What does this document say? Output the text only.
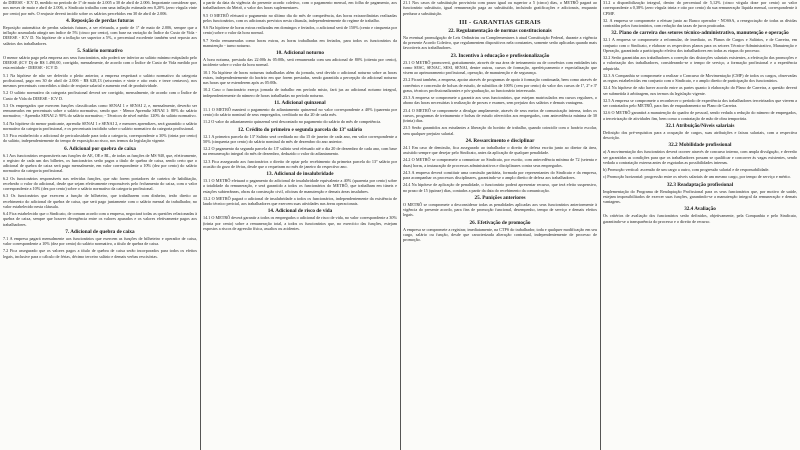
do DIEESE - ICV D, medido no período de 1º de maio de 2.005 a 30 de abril de 2.006. Importante considerar que, nos meses de maio e abril de 2.006, o Sindicato trabalha com uma inflação estimada em 0,20% (zero vírgula vinte por cento) por mês. O reajuste deverá incidir sobre os salários percebidos em 30 de abril de 2.006.

4. Reposição de perdas futuras

Reposição automática de perdas salariais futuras, a ser efetuada, a partir de 1º de maio de 2.006, sempre que a inflação acumulada atingir um índice de 5% (cinco por cento), com base na variação do Índice do Custo de Vida - DIEESE - ICV D. Na hipótese de a inflação ser superior a 5%, o percentual excedente também será reposto aos salários dos trabalhadores.

5. Salário normativo

O menor salário pago pela empresa aos seus funcionários, não poderá ser inferior ao salário mínimo estipulado pelo DIEESE (ICV D) de R$ 1.490,00, corrigido, mensalmente, de acordo com o Índice de Custo de Vida medido por esta entidade - DIEESE - ICV D.

5.1 Na hipótese de não ser deferido o pleito anterior, a empresa respeitará o salário normativo da categoria profissional, pago em 30 de abril de 2.006 - R$ 628,13 (seiscentos e vinte e oito reais e treze centavos), nos mesmos percentuais concedidos a título de reajuste salarial e aumento real de produtividade.

5.2 O salário normativo da categoria profissional deverá ser corrigido, mensalmente, de acordo com o Índice de Custo de Vida do DIEESE - ICV D.

5.3 Os empregados que exercem funções classificadas como SENAI 1 e SENAI 2, e, mensalmente, deverão ser remunerados em percentuais sobre o salário normativo, sendo que: - Menor Aprendiz SENAI 1: 80% do salário normativo; - Aprendiz SENAI 2: 90% do salário normativo; - Técnicos de nível médio: 120% do salário normativo.

5.4 Na hipótese do menor praticante, aprendiz SENAI 1 e SENAI 2, e menores aprendizes, será garantido o salário normativo da categoria profissional, e os percentuais incidirão sobre o salário normativo da categoria profissional.

5.5 Fica estabelecido o adicional de periculosidade para toda a categoria, correspondente a 30% (trinta por cento) do salário, independentemente do tempo de exposição ao risco, nos termos da legislação vigente.

6. Adicional por quebra de caixa

6.1 Aos funcionários responsáveis nas funções de AE, OE e BL, de todas as funções de MS 940, que, efetivamente, o registro de cada um dos bilhetes, os funcionários serão pagos a título de quebra de caixa, sendo certo que o adicional de quebra de caixa será pago mensalmente, em valor correspondente a 10% (dez por cento) do salário normativo da categoria profissional.

6.2 Os funcionários responsáveis nas referidas funções, que não forem portadores de carteira de habilitação, receberão o valor do adicional, desde que sejam efetivamente responsáveis pelo fechamento do caixa, com o valor correspondente a 10% (dez por cento) sobre o salário normativo da categoria profissional.

6.3 Os funcionários que exercem a função de bilheteiro, que trabalharem com dinheiro, terão direito ao recebimento do adicional de quebra de caixa, que será pago juntamente com o salário mensal do trabalhador, no valor estabelecido nesta cláusula.

6.4 Fica estabelecido que o Sindicato, de comum acordo com a empresa, negociará todas as questões relacionadas à quebra de caixa, sempre que houver divergência entre os valores apurados e os valores efetivamente pagos aos trabalhadores.

7. Adicional de quebra de caixa

7.1 A empresa pagará mensalmente aos funcionários que exercem as funções de bilheteiro e operador de caixa, valor correspondente a 10% (dez por cento) do salário normativo, a título de quebra de caixa.

7.2 Fica assegurado que os valores pagos a título de quebra de caixa serão incorporados para todos os efeitos legais, inclusive para o cálculo de férias, décimo terceiro salário e demais verbas rescisórias.

a partir da data da vigência do presente acordo coletivo, com o pagamento mensal, em folha de pagamento, aos trabalhadores do Metrô, o valor dos horas suplementares.

9.5 O METRÔ efetuará o pagamento no último dia do mês de competência, das horas extraordinárias realizadas pelos funcionários, com os adicionais previstos nesta cláusula, independentemente do regime de trabalho.

9.6 Na hipótese de horas extras realizadas em domingos e feriados, o adicional será de 150% (cento e cinquenta por cento) sobre o valor da hora normal.

9.7 Serão remuneradas como horas extras, as horas trabalhadas em feriados, para todos os funcionários da manutenção - turno noturno.

10. Adicional noturno

A hora noturna, prestada das 22:00h às 05:00h, será remunerada com um adicional de 80% (oitenta por cento), incidente sobre o valor da hora normal.

10.1 Na hipótese de horas noturnas trabalhadas além da jornada, será devido o adicional noturno sobre as horas extras, independentemente do horário em que forem prestadas, sendo garantida a percepção do adicional noturno nas horas que se estenderem após as 05:00h.

10.2 Caso o funcionário exerça jornada de trabalho em período misto, fará jus ao adicional noturno integral, independentemente do número de horas trabalhadas no período noturno.

11. Adicional quinzenal

11.1 O METRÔ manterá o pagamento do adiantamento quinzenal no valor correspondente a 40% (quarenta por cento) do salário nominal de seus empregados, creditado no dia 20 de cada mês.

11.2 O valor do adiantamento quinzenal será descontado no pagamento do salário do mês de competência.

12. Crédito do primeiro e segunda parcela do 13º salário

12.1 A primeira parcela do 13º Salário será creditada no dia 15 de janeiro de cada ano, em valor correspondente a 50% (cinquenta por cento) do salário nominal do mês de dezembro do ano anterior.

12.2 O pagamento da segunda parcela do 13º salário será efetuado até o dia 20 de dezembro de cada ano, com base na remuneração integral do mês de dezembro, deduzido o valor do adiantamento.

12.3 Fica assegurado aos funcionários o direito de optar pelo recebimento da primeira parcela do 13º salário por ocasião do gozo de férias, desde que o requeiram no mês de janeiro do respectivo ano.

13. Adicional de insalubridade

13.1 O METRÔ efetuará o pagamento do adicional de insalubridade equivalente a 40% (quarenta por cento) sobre a totalidade da remuneração, e será garantido a todos os funcionários do METRÔ, que trabalham em túneis e estações subterrâneas, obras da construção civil, oficinas de manutenção e demais áreas insalubres.

13.2 O METRÔ pagará o adicional de insalubridade a todos os funcionários, independentemente da existência de laudo técnico pericial, aos trabalhadores que exercem suas atividades nas áreas operacionais.

14. Adicional de risco de vida

14.1 O METRÔ deverá garantir a todos os empregados o adicional de risco de vida, no valor correspondente a 30% (trinta por cento) sobre a remuneração total, a todos os funcionários que, no exercício das funções, estejam expostos a riscos de agressão física, assaltos ou acidentes.

21.1 Nos casos de substituição provisória com prazo igual ou superior a 5 (cinco) dias, o METRÔ pagará ao funcionário substituto, igual remuneração paga ao substituído, incluindo gratificações e adicionais, enquanto perdurar a substituição.

III - GARANTIAS GERAIS
22. Regulamentação de normas constitucionais

Na eventual promulgação de Leis Ordinárias ou Complementares à atual Constituição Federal, durante a vigência do presente Acordo Coletivo, que regulamentem dispositivos nela constantes, somente serão aplicadas quando mais favoráveis aos trabalhadores.

23. Incentivo à educação e profissionalização

23.1 O METRÔ promoverá, gratuitamente, através de sua área de treinamento ou de convênios com entidades tais como SESC, SENAC, SESI, SENAI, dentre outras, cursos de formação, aperfeiçoamento e especialização que visem ao aprimoramento profissional, operação, de manutenção e de segurança.

23.2 Ficará também, a empresa, apoiar através de programas de apoio à formação continuada, bem como através de convênios e concessão de bolsas de estudo, de subsídios de 100% (cem por cento) do valor dos cursos de 1º, 2º e 3º graus, técnicos profissionalizantes e pós-graduação, ao funcionário interessado.

23.3 A empresa se compromete a garantir aos seus funcionários, que estejam matriculados em cursos regulares, o abono das horas necessárias à realização de provas e exames, sem prejuízo dos salários e demais vantagens.

23.4 O METRÔ se compromete a divulgar amplamente, através de seus meios de comunicação interna, todos os cursos, programas de treinamento e bolsas de estudo oferecidos aos empregados, com antecedência mínima de 30 (trinta) dias.

23.5 Serão garantidos aos estudantes a liberação do horário de trabalho, quando coincidir com o horário escolar, sem qualquer prejuízo salarial.

24. Ressarcimento e disciplinar

24.1 Em caso de demissão, fica assegurado ao trabalhador o direito de defesa escrita junto ao diretor da área, assistido sempre que desejar pelo Sindicato, antes da aplicação de qualquer penalidade.

24.2 O METRÔ se compromete a comunicar ao Sindicato, por escrito, com antecedência mínima de 72 (setenta e duas) horas, a instauração de processos administrativos e disciplinares contra seus empregados.

24.3 A empresa deverá constituir uma comissão paritária, formada por representantes do Sindicato e da empresa, para acompanhar os processos disciplinares, garantindo-se o amplo direito de defesa aos trabalhadores.

24.4 Na hipótese de aplicação de penalidade, o funcionário poderá apresentar recurso, que terá efeito suspensivo, no prazo de 15 (quinze) dias, contados a partir da data do recebimento da comunicação.

25. Punições anteriores

O METRÔ se compromete a desconsiderar todas as penalidades aplicadas aos seus funcionários anteriormente à vigência do presente acordo, para fins de promoção funcional, desempenho, tempo de serviço e demais efeitos legais.

26. Efetivação de promoção

A empresa se compromete a registrar, imediatamente, na CTPS do trabalhador, toda e qualquer modificação em seu cargo, salário ou função, desde que caracterizada alteração contratual, independentemente de processo de promoção.

31.2 a disponibilização integral, dentro do percentual de 5,12% (cinco vírgula doze por cento) ao valor correspondente a 0,38% (zero vírgula trinta e oito por cento) da sua remuneração líquida mensal, correspondente à CPMF.

32. A empresa se compromete a efetuar junto ao Banco operador - NOSSA, a renegociação de todas as dívidas contraídas pelos funcionários, com redução das taxas de juros praticadas.

32. Plano de carreira dos setores técnico-administrativo, manutenção e operação

32.1 A empresa se compromete a reformular, de imediato, os Planos de Cargos e Salários, e de Carreira, em conjunto com o Sindicato, e elaborar os respectivos planos para os setores Técnico-Administrativo, Manutenção e Operação, garantindo a participação efetiva dos trabalhadores em todas as etapas do processo.

32.2 Serão garantidas aos trabalhadores a correção das distorções salariais existentes, a efetivação das promoções e a valorização dos trabalhadores, considerando-se o tempo de serviço, a formação profissional e a experiência adquirida.

32.3 A Companhia se compromete a realizar o Concurso de Movimentação (CMF) de todos os cargos, observadas as regras estabelecidas em conjunto com o Sindicato, e o amplo direito de participação dos funcionários.

32.4 Na hipótese de não haver acordo entre as partes quanto à elaboração do Plano de Carreira, a questão deverá ser submetida à arbitragem, nos termos da legislação vigente.

32.5 A empresa se compromete a reconhecer o período de experiência dos trabalhadores terceirizados que vierem a ser contratados pelo METRÔ, para fins de enquadramento no Plano de Carreira.

32.6 O METRÔ garantirá a manutenção do quadro de pessoal, sendo vedada a redução do número de empregados, a terceirização de atividades fim, bem como a contratação de mão de obra temporária.

32.1 Atribuição/Níveis salariais

Definição dos pré-requisitos para a ocupação de cargos, suas atribuições e faixas salariais, com a respectiva descrição.

32.2 Mobilidade profissional

a) A movimentação dos funcionários deverá ocorrer através de concurso interno, com ampla divulgação, e deverão ser garantidas as condições para que os trabalhadores possam se qualificar e concorrer às vagas existentes, sendo vedada a contratação externa antes de esgotadas as possibilidades internas.

b) Promoção vertical: ascensão de um cargo a outro, com progressão salarial e de responsabilidade.

c) Promoção horizontal: progressão entre os níveis salariais de um mesmo cargo, por tempo de serviço e mérito.

32.3 Readaptação profissional

Implementação do Programa de Readaptação Profissional para os seus funcionários que, por motivo de saúde, estejam impossibilitados de exercer suas funções, garantindo-se a manutenção integral da remuneração e demais vantagens.

32.4 Avaliação

Os critérios de avaliação dos funcionários serão definidos, objetivamente, pela Companhia e pelo Sindicato, garantindo-se a transparência do processo e o direito de recurso.
